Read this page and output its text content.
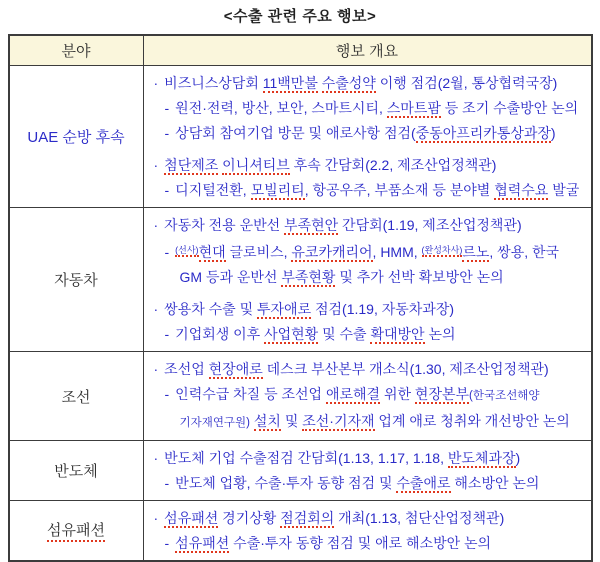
<수출 관련 주요 행보>
분야	행보 개요
UAE 순방 후속
· 비즈니스상담회 11백만불 수출성약 이행 점검(2월, 통상협력국장)
- 원전·전력, 방산, 보안, 스마트시티, 스마트팜 등 조기 수출방안 논의
- 상담회 참여기업 방문 및 애로사항 점검(중동아프리카통상과장)
· 첨단제조 이니셔티브 후속 간담회(2.2, 제조산업정책관)
- 디지털전환, 모빌리티, 항공우주, 부품소재 등 분야별 협력수요 발굴
자동차
· 자동차 전용 운반선 부족현안 간담회(1.19, 제조산업정책관)
- $^{(선사)}$현대 글로비스, 유코카캐리어, HMM, $^{(완성차사)}$르노, 쌍용, 한국
GM 등과 운반선 부족현황 및 추가 선박 확보방안 논의
· 쌍용차 수출 및 투자애로 점검(1.19, 자동차과장)
- 기업회생 이후 사업현황 및 수출 확대방안 논의
조선
· 조선업 현장애로 데스크 부산본부 개소식(1.30, 제조산업정책관)
- 인력수급 차질 등 조선업 애로해결 위한 현장본부(한국조선해양
기자재연구원) 설치 및 조선·기자재 업계 애로 청취와 개선방안 논의
반도체
· 반도체 기업 수출점검 간담회(1.13, 1.17, 1.18, 반도체과장)
- 반도체 업황, 수출·투자 동향 점검 및 수출애로 해소방안 논의
섬유패션
· 섬유패션 경기상황 점검회의 개최(1.13, 첨단산업정책관)
- 섬유패션 수출·투자 동향 점검 및 애로 해소방안 논의
